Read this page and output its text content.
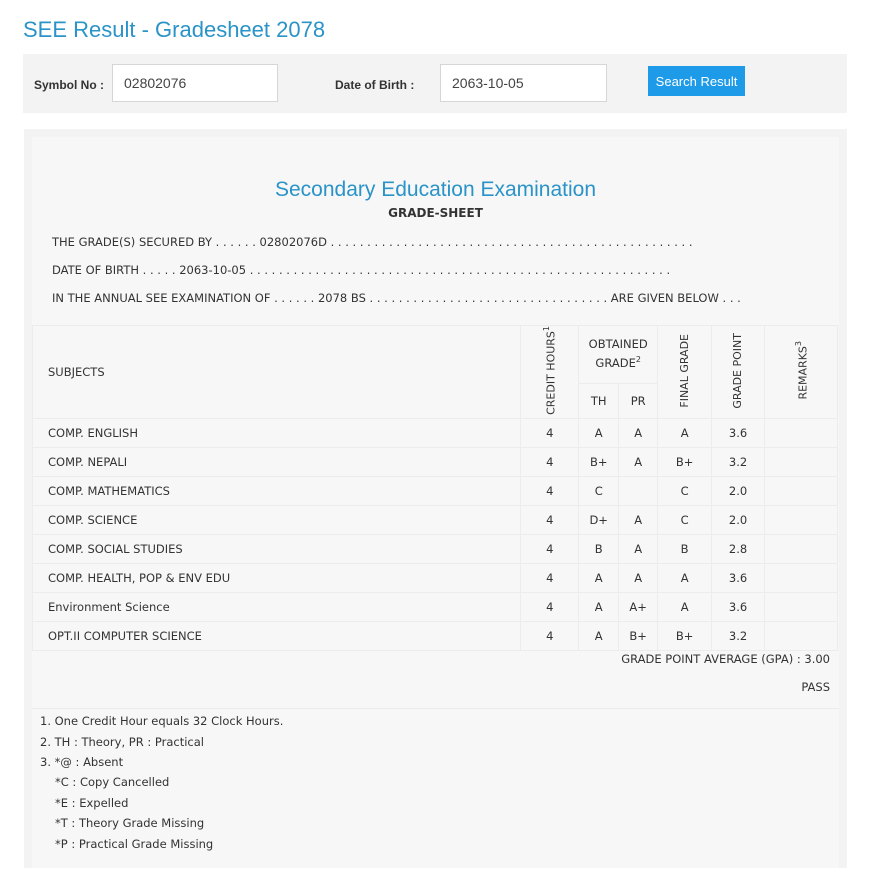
SEE Result - Gradesheet 2078
Symbol No :
02802076	Date of Birth :
2063-10-05	Search Result
Secondary Education Examination
GRADE-SHEET
THE GRADE(S) SECURED BY . . . . . . 02802076D . . . . . . . . . . . . . . . . . . . . . . . . . . . . . . . . . . . . . . . . . . . . . . . . . .
DATE OF BIRTH . . . . . 2063-10-05 . . . . . . . . . . . . . . . . . . . . . . . . . . . . . . . . . . . . . . . . . . . . . . . . . . . . . . . . . .
IN THE ANNUAL SEE EXAMINATION OF . . . . . . 2078 BS . . . . . . . . . . . . . . . . . . . . . . . . . . . . . . . . . ARE GIVEN BELOW . . .
SUBJECTS	CREDIT HOURS$^1$	OBTAINED GRADE$^2$		FINAL GRADE	GRADE POINT	REMARKS$^3$
		TH	PR			
COMP. ENGLISH	4	A	A	A	3.6	
COMP. NEPALI	4	B+	A	B+	3.2	
COMP. MATHEMATICS	4	C		C	2.0	
COMP. SCIENCE	4	D+	A	C	2.0	
COMP. SOCIAL STUDIES	4	B	A	B	2.8	
COMP. HEALTH, POP & ENV EDU	4	A	A	A	3.6	
Environment Science	4	A	A+	A	3.6	
OPT.II COMPUTER SCIENCE	4	A	B+	B+	3.2	
GRADE POINT AVERAGE (GPA) : 3.00
PASS
1. One Credit Hour equals 32 Clock Hours.
2. TH : Theory, PR : Practical
3. *@ : Absent
*C : Copy Cancelled
*E : Expelled
*T : Theory Grade Missing
*P : Practical Grade Missing
